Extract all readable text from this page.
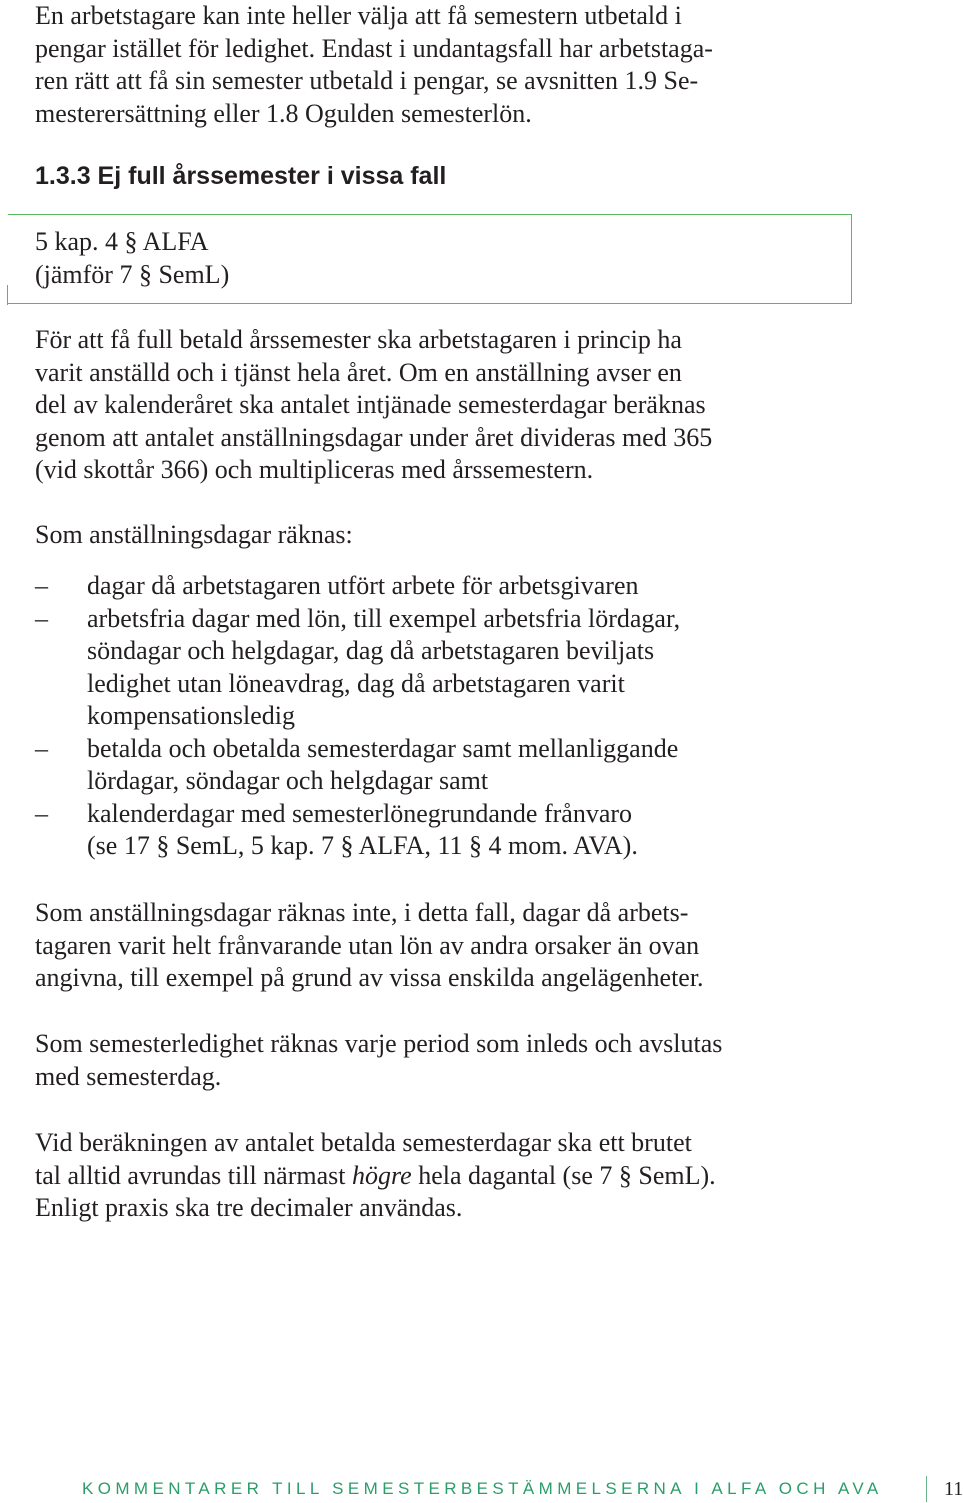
En arbetstagare kan inte heller välja att få semestern utbetald i
pengar istället för ledighet. Endast i undantagsfall har arbetstaga-
ren rätt att få sin semester utbetald i pengar, se avsnitten 1.9 Se-
mesterersättning eller 1.8 Ogulden semesterlön.
1.3.3 Ej full årssemester i vissa fall

5 kap. 4 § ALFA

(jämför 7 § SemL)

För att få full betald årssemester ska arbetstagaren i princip ha
varit anställd och i tjänst hela året. Om en anställning avser en
del av kalenderåret ska antalet intjänade semesterdagar beräknas
genom att antalet anställningsdagar under året divideras med 365
(vid skottår 366) och multipliceras med årssemestern.
Som anställningsdagar räknas:
– dagar då arbetstagaren utfört arbete för arbetsgivaren
– arbetsfria dagar med lön, till exempel arbetsfria lördagar,
söndagar och helgdagar, dag då arbetstagaren beviljats
ledighet utan löneavdrag, dag då arbetstagaren varit
kompensationsledig
– betalda och obetalda semesterdagar samt mellanliggande
lördagar, söndagar och helgdagar samt
– kalenderdagar med semesterlönegrundande frånvaro
(se 17 § SemL, 5 kap. 7 § ALFA, 11 § 4 mom. AVA).
Som anställningsdagar räknas inte, i detta fall, dagar då arbets-
tagaren varit helt frånvarande utan lön av andra orsaker än ovan
angivna, till exempel på grund av vissa enskilda angelägenheter.
Som semesterledighet räknas varje period som inleds och avslutas
med semesterdag.
Vid beräkningen av antalet betalda semesterdagar ska ett brutet
tal alltid avrundas till närmast högre hela dagantal (se 7 § SemL).
Enligt praxis ska tre decimaler användas.
KOMMENTARER TILL SEMESTERBESTÄMMELSERNA I ALFA OCH AVA	11
